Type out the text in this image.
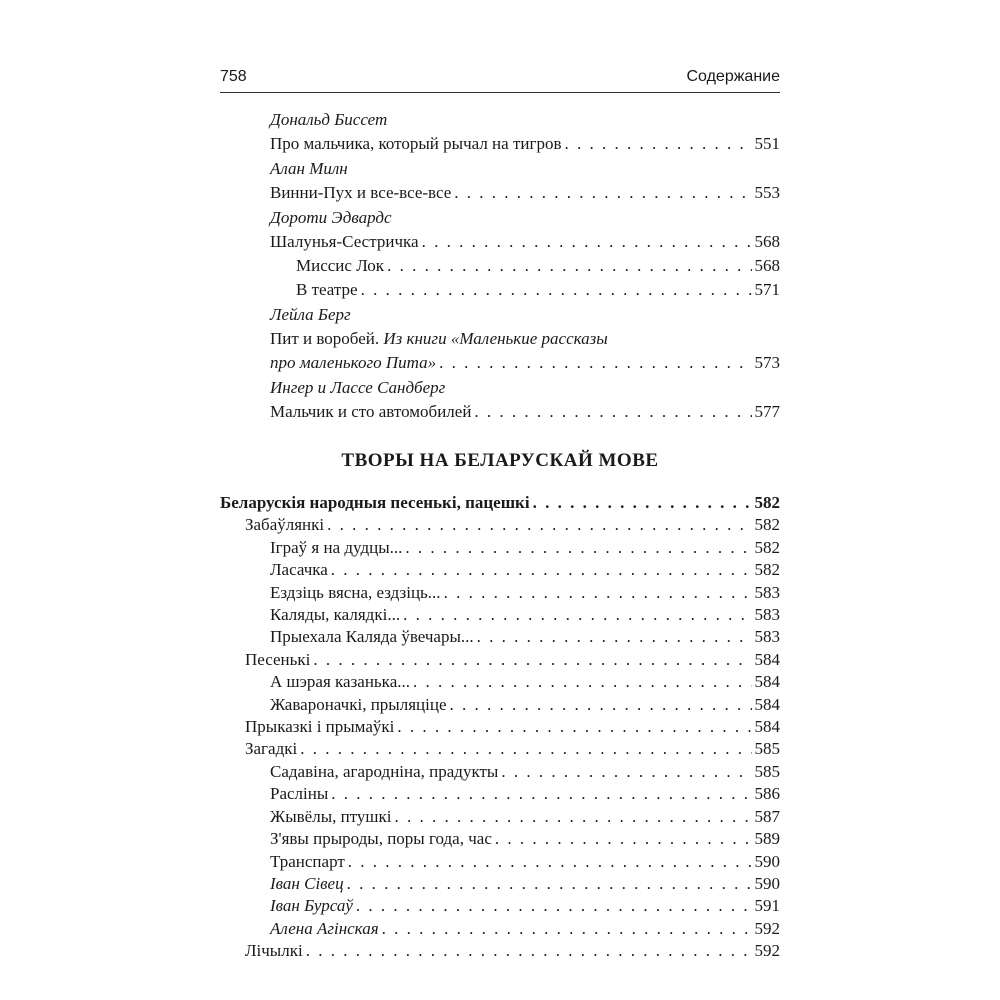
758	Содержание
Дональд Биссет
Про мальчика, который рычал на тигров . . .	551
Алан Милн
Винни-Пух и все-все-все . . .	553
Дороти Эдвардс
Шалунья-Сестричка . . .	568
Миссис Лок . . .	568
В театре . . .	571
Лейла Берг
Пит и воробей. Из книги «Маленькие рассказы
про маленького Пита» . . .	573
Ингер и Лассе Сандберг
Мальчик и сто автомобилей . . .	577
ТВОРЫ НА БЕЛАРУСКАЙ МОВЕ
Беларускія народныя песенькі, пацешкі . . .	582
Забаўлянкі . . .	582
Іграў я на дудцы... . . .	582
Ласачка . . .	582
Ездзіць вясна, ездзіць... . . .	583
Каляды, калядкі... . . .	583
Прыехала Каляда ўвечары... . . .	583
Песенькі . . .	584
А шэрая казанька... . . .	584
Жавароначкі, прыляціце . . .	584
Прыказкі і прымаўкі . . .	584
Загадкі . . .	585
Садавіна, агароднiна, прадукты . . .	585
Расліны . . .	586
Жывёлы, птушкі . . .	587
З'явы прыроды, поры года, час . . .	589
Транспарт . . .	590
Іван Сівец . . .	590
Іван Бурсаў . . .	591
Алена Агінская . . .	592
Лічылкі . . .	592
